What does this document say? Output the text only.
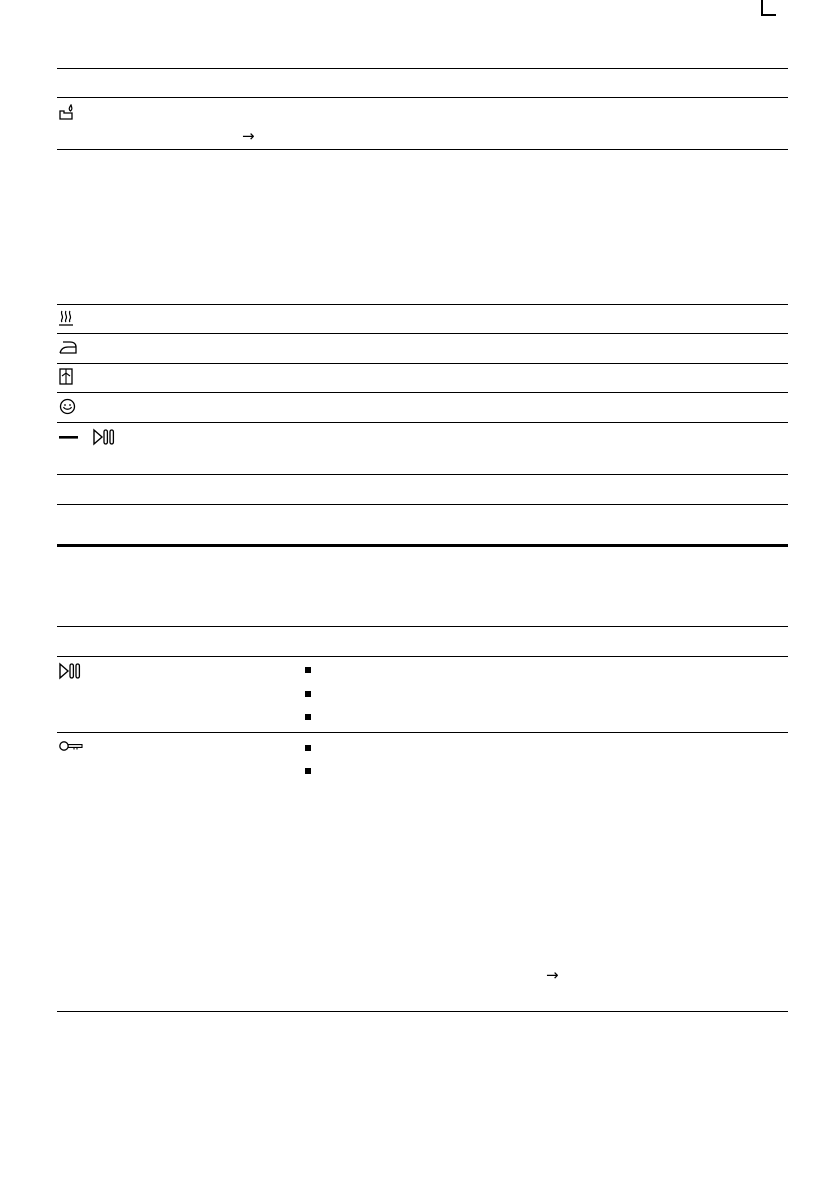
→
→
